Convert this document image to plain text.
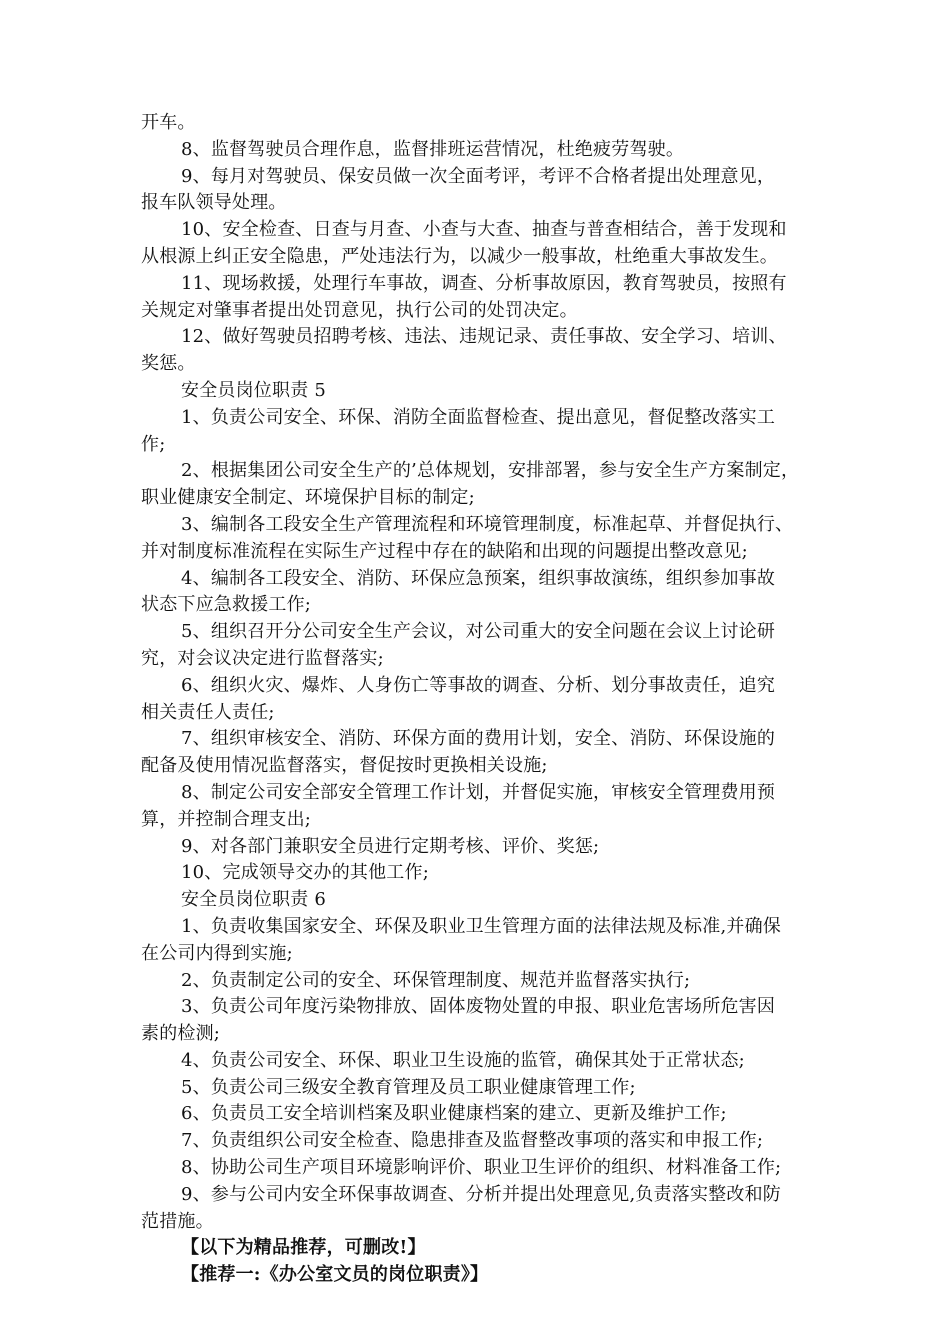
开车。
8、监督驾驶员合理作息，监督排班运营情况，杜绝疲劳驾驶。
9、每月对驾驶员、保安员做一次全面考评，考评不合格者提出处理意见，
报车队领导处理。
10、安全检查、日查与月查、小查与大查、抽查与普查相结合，善于发现和
从根源上纠正安全隐患，严处违法行为，以减少一般事故，杜绝重大事故发生。
11、现场救援，处理行车事故，调查、分析事故原因，教育驾驶员，按照有
关规定对肇事者提出处罚意见，执行公司的处罚决定。
12、做好驾驶员招聘考核、违法、违规记录、责任事故、安全学习、培训、
奖惩。
安全员岗位职责 5
1、负责公司安全、环保、消防全面监督检查、提出意见，督促整改落实工
作;
2、根据集团公司安全生产的’总体规划，安排部署，参与安全生产方案制定，
职业健康安全制定、环境保护目标的制定;
3、编制各工段安全生产管理流程和环境管理制度，标准起草、并督促执行、
并对制度标准流程在实际生产过程中存在的缺陷和出现的问题提出整改意见;
4、编制各工段安全、消防、环保应急预案，组织事故演练，组织参加事故
状态下应急救援工作;
5、组织召开分公司安全生产会议，对公司重大的安全问题在会议上讨论研
究，对会议决定进行监督落实;
6、组织火灾、爆炸、人身伤亡等事故的调查、分析、划分事故责任，追究
相关责任人责任;
7、组织审核安全、消防、环保方面的费用计划，安全、消防、环保设施的
配备及使用情况监督落实，督促按时更换相关设施;
8、制定公司安全部安全管理工作计划，并督促实施，审核安全管理费用预
算，并控制合理支出;
9、对各部门兼职安全员进行定期考核、评价、奖惩;
10、完成领导交办的其他工作;
安全员岗位职责 6
1、负责收集国家安全、环保及职业卫生管理方面的法律法规及标准,并确保
在公司内得到实施;
2、负责制定公司的安全、环保管理制度、规范并监督落实执行;
3、负责公司年度污染物排放、固体废物处置的申报、职业危害场所危害因
素的检测;
4、负责公司安全、环保、职业卫生设施的监管，确保其处于正常状态;
5、负责公司三级安全教育管理及员工职业健康管理工作;
6、负责员工安全培训档案及职业健康档案的建立、更新及维护工作;
7、负责组织公司安全检查、隐患排查及监督整改事项的落实和申报工作;
8、协助公司生产项目环境影响评价、职业卫生评价的组织、材料准备工作;
9、参与公司内安全环保事故调查、分析并提出处理意见,负责落实整改和防
范措施。
【以下为精品推荐，可删改!】
【推荐一:《办公室文员的岗位职责》】
